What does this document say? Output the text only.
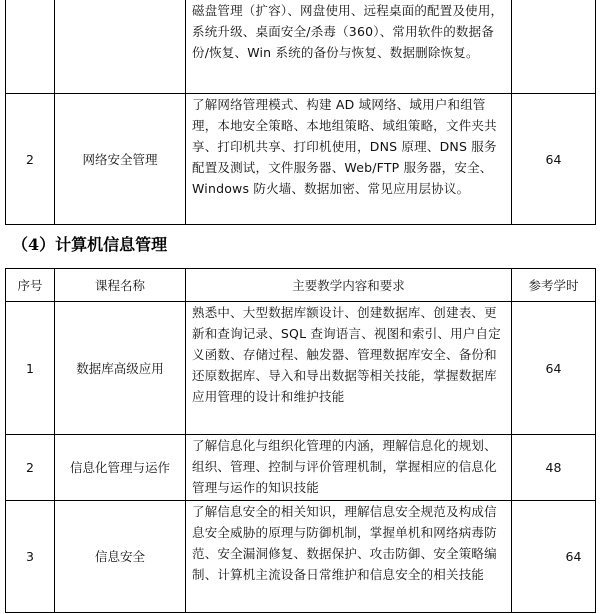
		磁盘管理（扩容）、网盘使用、远程桌面的配置及使用，系统升级、桌面安全/杀毒（360）、常用软件的数据备份/恢复、Win 系统的备份与恢复、数据删除恢复。	
2	网络安全管理	了解网络管理模式、构建 AD 域网络、域用户和组管理，本地安全策略、本地组策略、域组策略，文件夹共享、打印机共享、打印机使用，DNS 原理、DNS 服务配置及测试，文件服务器、Web/FTP 服务器，安全、Windows 防火墙、数据加密、常见应用层协议。	64
（4）计算机信息管理
序号	课程名称	主要教学内容和要求	参考学时
1	数据库高级应用	熟悉中、大型数据库额设计、创建数据库、创建表、更新和查询记录、SQL 查询语言、视图和索引、用户自定义函数、存储过程、触发器、管理数据库安全、备份和还原数据库、导入和导出数据等相关技能，掌握数据库应用管理的设计和维护技能	64
2	信息化管理与运作	了解信息化与组织化管理的内涵，理解信息化的规划、组织、管理、控制与评价管理机制，掌握相应的信息化管理与运作的知识技能	48
3	信息安全	了解信息安全的相关知识，理解信息安全规范及构成信息安全威胁的原理与防御机制，掌握单机和网络病毒防范、安全漏洞修复、数据保护、攻击防御、安全策略编制、计算机主流设备日常维护和信息安全的相关技能	64
